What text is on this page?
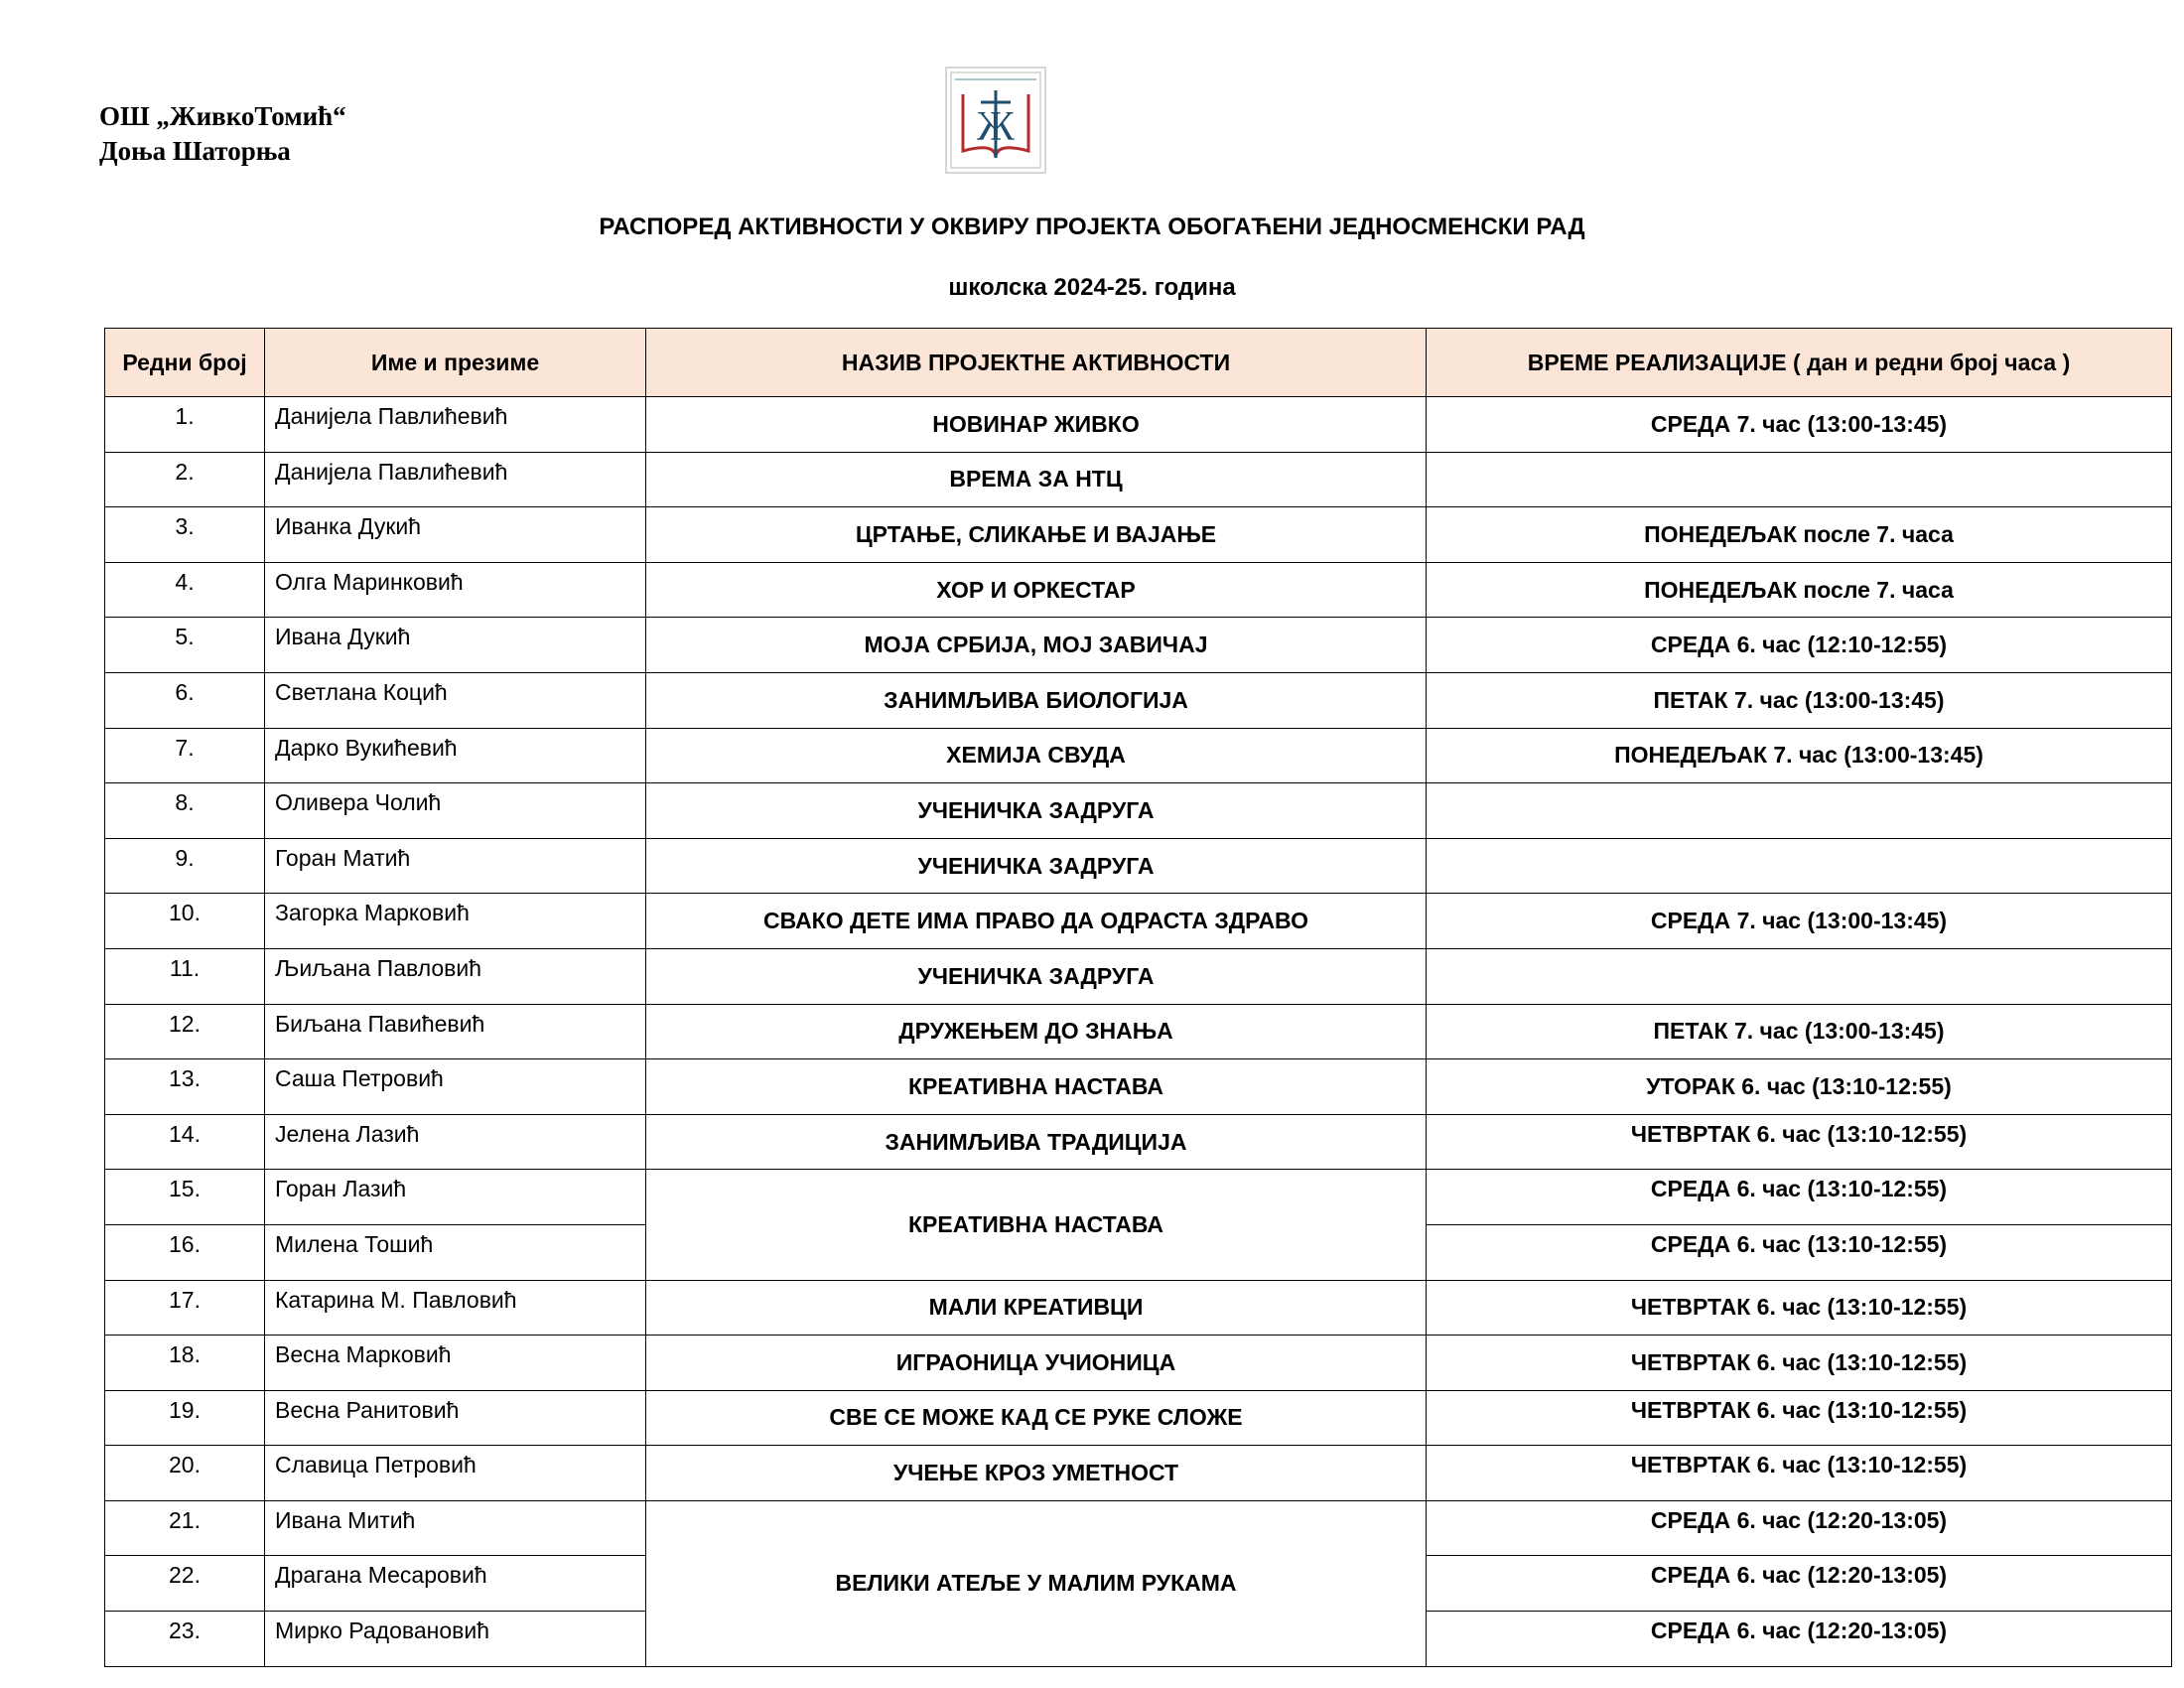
ОШ „ЖивкоТомић“
Доња Шаторња
Ж
РАСПОРЕД АКТИВНОСТИ У ОКВИРУ ПРОЈЕКТА ОБОГАЋЕНИ ЈЕДНОСМЕНСКИ РАД
школска 2024-25. година
Редни број	Име и презиме	НАЗИВ ПРОЈЕКТНЕ АКТИВНОСТИ	ВРЕМЕ РЕАЛИЗАЦИЈЕ ( дан и редни број часа )
1.	Данијела Павлићевић	НОВИНАР ЖИВКО	СРЕДА 7. час (13:00-13:45)
2.	Данијела Павлићевић	ВРЕМА ЗА НТЦ	
3.	Иванка Дукић	ЦРТАЊЕ, СЛИКАЊЕ И ВАЈАЊЕ	ПОНЕДЕЉАК после 7. часа
4.	Олга Маринковић	ХОР И ОРКЕСТАР	ПОНЕДЕЉАК после 7. часа
5.	Ивана Дукић	МОЈА СРБИЈА, МОЈ ЗАВИЧАЈ	СРЕДА 6. час (12:10-12:55)
6.	Светлана Коцић	ЗАНИМЉИВА БИОЛОГИЈА	ПЕТАК 7. час (13:00-13:45)
7.	Дарко Вукићевић	ХЕМИЈА СВУДА	ПОНЕДЕЉАК 7. час (13:00-13:45)
8.	Оливера Чолић	УЧЕНИЧКА ЗАДРУГА	
9.	Горан Матић	УЧЕНИЧКА ЗАДРУГА	
10.	Загорка Марковић	СВАКО ДЕТЕ ИМА ПРАВО ДА ОДРАСТА ЗДРАВО	СРЕДА 7. час (13:00-13:45)
11.	Љиљана Павловић	УЧЕНИЧКА ЗАДРУГА	
12.	Биљана Павићевић	ДРУЖЕЊЕМ ДО ЗНАЊА	ПЕТАК 7. час (13:00-13:45)
13.	Саша Петровић	КРЕАТИВНА НАСТАВА	УТОРАК 6. час (13:10-12:55)
14.	Јелена Лазић	ЗАНИМЉИВА ТРАДИЦИЈА	ЧЕТВРТАК 6. час (13:10-12:55)
15.	Горан Лазић	КРЕАТИВНА НАСТАВА	СРЕДА 6. час (13:10-12:55)
16.	Милена Тошић		СРЕДА 6. час (13:10-12:55)
17.	Катарина М. Павловић	МАЛИ КРЕАТИВЦИ	ЧЕТВРТАК 6. час (13:10-12:55)
18.	Весна Марковић	ИГРАОНИЦА УЧИОНИЦА	ЧЕТВРТАК 6. час (13:10-12:55)
19.	Весна Ранитовић	СВЕ СЕ МОЖЕ КАД СЕ РУКЕ СЛОЖЕ	ЧЕТВРТАК 6. час (13:10-12:55)
20.	Славица Петровић	УЧЕЊЕ КРОЗ УМЕТНОСТ	ЧЕТВРТАК 6. час (13:10-12:55)
21.	Ивана Митић	ВЕЛИКИ АТЕЉЕ У МАЛИМ РУКАМА	СРЕДА 6. час (12:20-13:05)
22.	Драгана Месаровић		СРЕДА 6. час (12:20-13:05)
23.	Мирко Радовановић		СРЕДА 6. час (12:20-13:05)
